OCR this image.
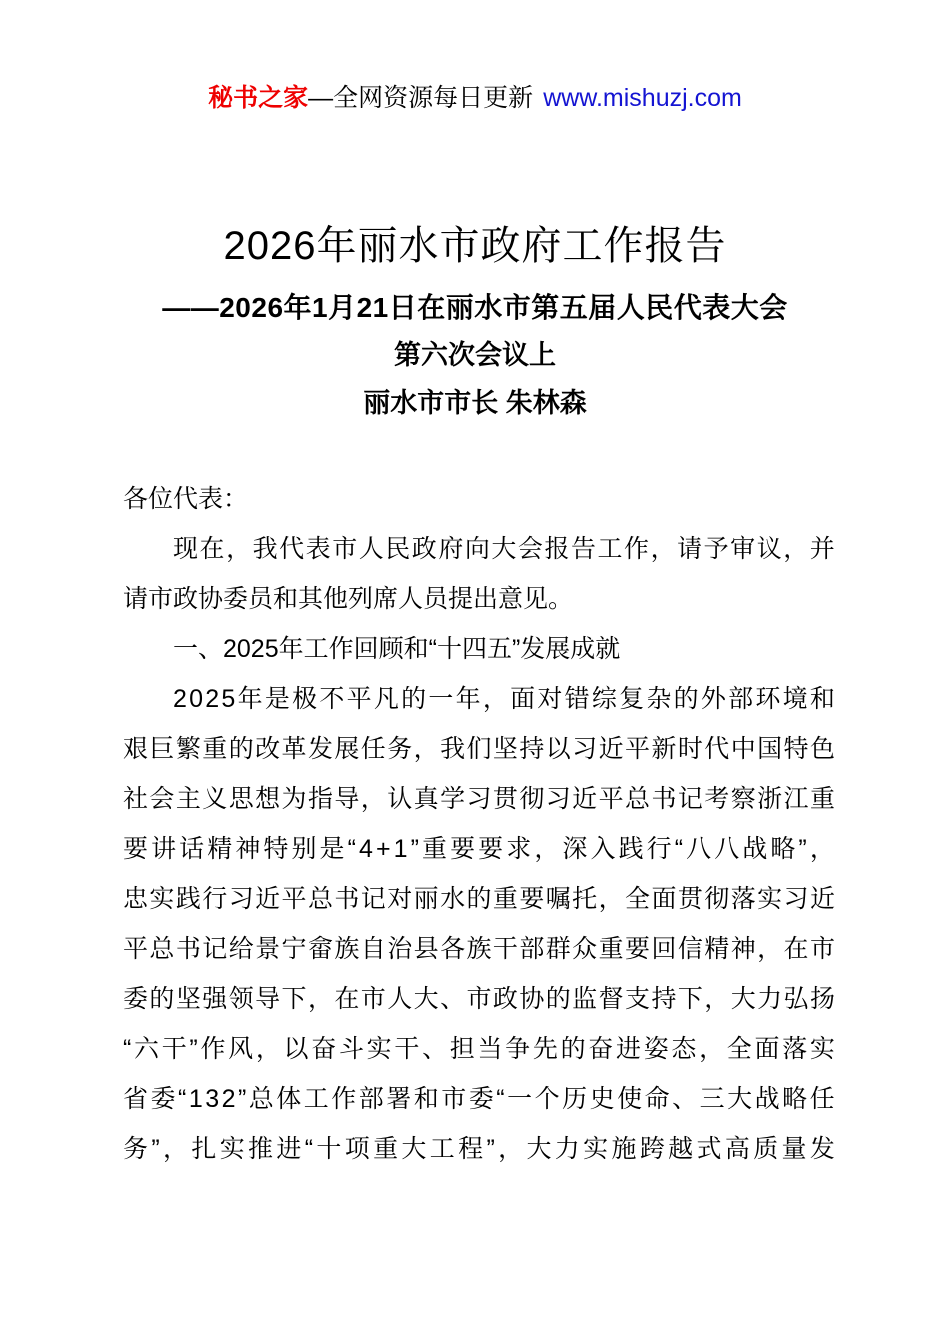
秘书之家—全网资源每日更新 www.mishuzj.com
2026年丽水市政府工作报告
——2026年1月21日在丽水市第五届人民代表大会
第六次会议上
丽水市市长 朱林森
各位代表：
现 在 ， 我 代 表 市 人 民 政 府 向 大 会 报 告 工 作 ， 请 予 审 议 ， 并
请市政协委员和其他列席人员提出意见。
一、2025年工作回顾和“十四五”发展成就
2 0 2 5 年 是 极 不 平 凡 的 一 年 ， 面 对 错 综 复 杂 的 外 部 环 境 和
艰 巨 繁 重 的 改 革 发 展 任 务 ， 我 们 坚 持 以 习 近 平 新 时 代 中 国 特 色
社 会 主 义 思 想 为 指 导 ， 认 真 学 习 贯 彻 习 近 平 总 书 记 考 察 浙 江 重
要 讲 话 精 神 特 别 是 “ 4 + 1 ” 重 要 要 求 ， 深 入 践 行 “ 八 八 战 略 ” ，
忠 实 践 行 习 近 平 总 书 记 对 丽 水 的 重 要 嘱 托 ， 全 面 贯 彻 落 实 习 近
平 总 书 记 给 景 宁 畲 族 自 治 县 各 族 干 部 群 众 重 要 回 信 精 神 ， 在 市
委 的 坚 强 领 导 下 ， 在 市 人 大 、 市 政 协 的 监 督 支 持 下 ， 大 力 弘 扬
“ 六 干 ” 作 风 ， 以 奋 斗 实 干 、 担 当 争 先 的 奋 进 姿 态 ， 全 面 落 实
省 委 “ 1 3 2 ” 总 体 工 作 部 署 和 市 委 “ 一 个 历 史 使 命 、 三 大 战 略 任
务 ” ， 扎 实 推 进 “ 十 项 重 大 工 程 ” ， 大 力 实 施 跨 越 式 高 质 量 发
